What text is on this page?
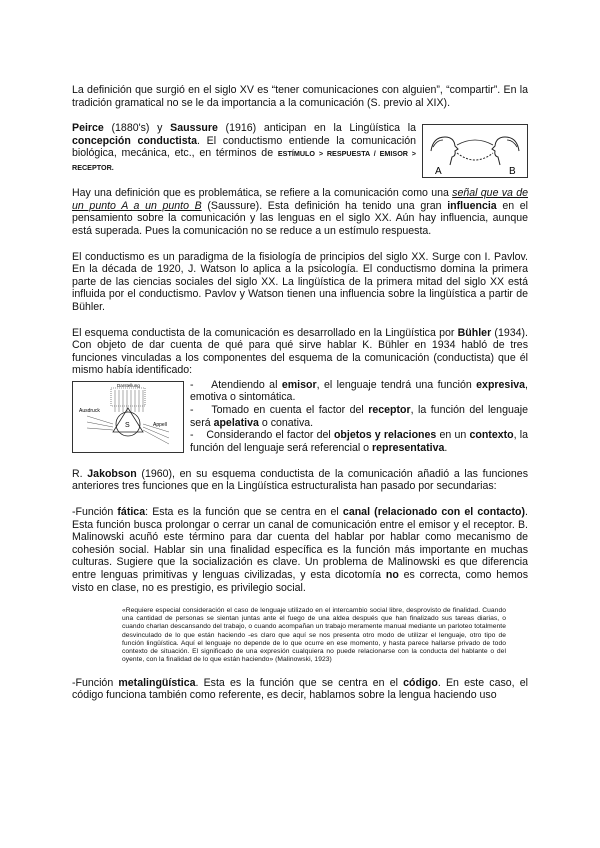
La definición que surgió en el siglo XV es “tener comunicaciones con alguien”, “compartir”. En la tradición gramatical no se le da importancia a la comunicación (S. previo al XIX).

A	B
Peirce (1880's) y Saussure (1916) anticipan en la Lingüística la concepción conductista. El conductismo entiende la comunicación biológica, mecánica, etc., en términos de ESTÍMULO > RESPUESTA / EMISOR > RECEPTOR.

Hay una definición que es problemática, se refiere a la comunicación como una señal que va de un punto A a un punto B (Saussure). Esta definición ha tenido una gran influencia en el pensamiento sobre la comunicación y las lenguas en el siglo XX. Aún hay influencia, aunque está superada. Pues la comunicación no se reduce a un estímulo respuesta.

El conductismo es un paradigma de la fisiología de principios del siglo XX. Surge con I. Pavlov. En la década de 1920, J. Watson lo aplica a la psicología. El conductismo domina la primera parte de las ciencias sociales del siglo XX. La lingüística de la primera mitad del siglo XX está influida por el conductismo. Pavlov y Watson tienen una influencia sobre la lingüística a partir de Bühler.

El esquema conductista de la comunicación es desarrollado en la Lingüística por Bühler (1934). Con objeto de dar cuenta de qué para qué sirve hablar K. Bühler en 1934 habló de tres funciones vinculadas a los componentes del esquema de la comunicación (conductista) que él mismo había identificado:

S
Ausdruck
Appell
Darstellung	- Atendiendo al emisor, el lenguaje tendrá una función expresiva, emotiva o sintomática.
- Tomado en cuenta el factor del receptor, la función del lenguaje será apelativa o conativa.
- Considerando el factor del objetos y relaciones en un contexto, la función del lenguaje será referencial o representativa.

R. Jakobson (1960), en su esquema conductista de la comunicación añadió a las funciones anteriores tres funciones que en la Lingüística estructuralista han pasado por secundarias:

-Función fática: Esta es la función que se centra en el canal (relacionado con el contacto). Esta función busca prolongar o cerrar un canal de comunicación entre el emisor y el receptor. B. Malinowski acuñó este término para dar cuenta del hablar por hablar como mecanismo de cohesión social. Hablar sin una finalidad específica es la función más importante en muchas culturas. Sugiere que la socialización es clave. Un problema de Malinowski es que diferencia entre lenguas primitivas y lenguas civilizadas, y esta dicotomía no es correcta, como hemos visto en clase, no es prestigio, es privilegio social.

«Requiere especial consideración el caso de lenguaje utilizado en el intercambio social libre, desprovisto de finalidad. Cuando una cantidad de personas se sientan juntas ante el fuego de una aldea después que han finalizado sus tareas diarias, o cuando charlan descansando del trabajo, o cuando acompañan un trabajo meramente manual mediante un parloteo totalmente desvinculado de lo que están haciendo -es claro que aquí se nos presenta otro modo de utilizar el lenguaje, otro tipo de función lingüística. Aquí el lenguaje no depende de lo que ocurre en ese momento, y hasta parece hallarse privado de todo contexto de situación. El significado de una expresión cualquiera no puede relacionarse con la conducta del hablante o del oyente, con la finalidad de lo que están haciendo» (Malinowski, 1923)

-Función metalingüística. Esta es la función que se centra en el código. En este caso, el código funciona también como referente, es decir, hablamos sobre la lengua haciendo uso
